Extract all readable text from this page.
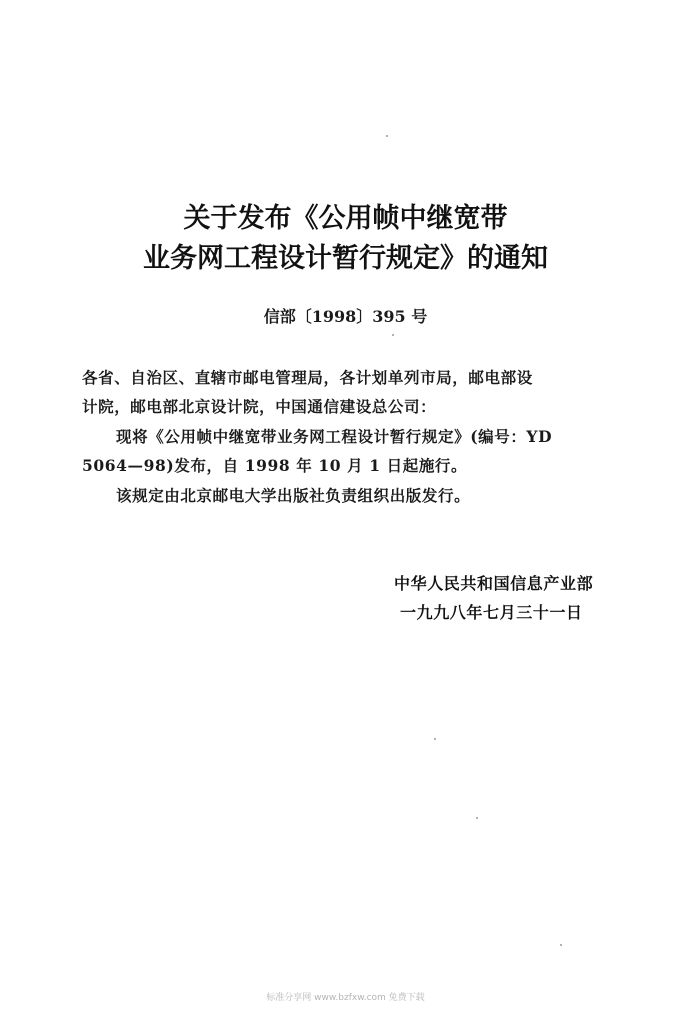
关于发布《公用帧中继宽带
业务网工程设计暂行规定》的通知
信部〔1998〕395 号
各省、自治区、直辖市邮电管理局，各计划单列市局，邮电部设
计院，邮电部北京设计院，中国通信建设总公司：
现将《公用帧中继宽带业务网工程设计暂行规定》(编号：YD
5064—98)发布，自 1998 年 10 月 1 日起施行。
该规定由北京邮电大学出版社负责组织出版发行。
中华人民共和国信息产业部
一九九八年七月三十一日
标准分享网 www.bzfxw.com 免费下载
